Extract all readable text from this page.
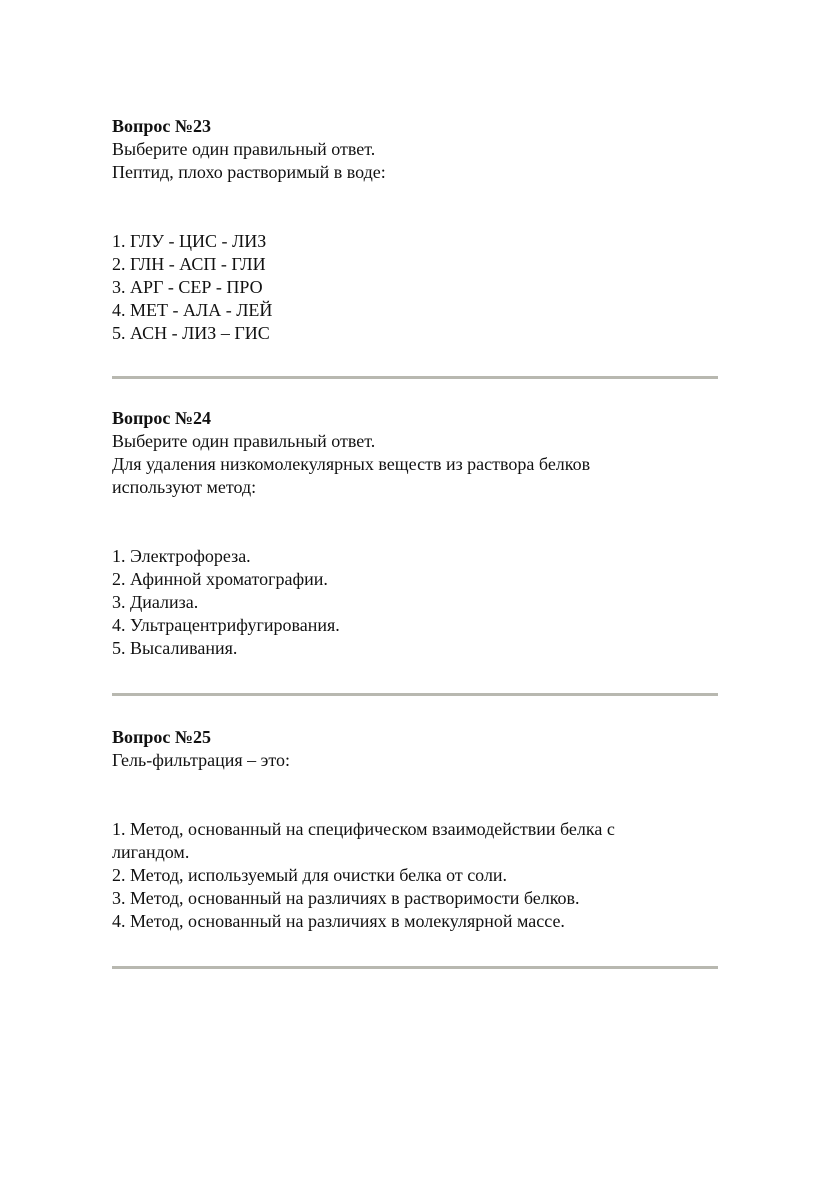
Вопрос №23
Выберите один правильный ответ.
Пептид, плохо растворимый в воде:
1. ГЛУ - ЦИС - ЛИЗ
2. ГЛН - АСП - ГЛИ
3. АРГ - СЕР - ПРО
4. МЕТ - АЛА - ЛЕЙ
5. АСН - ЛИЗ – ГИС
Вопрос №24
Выберите один правильный ответ.
Для удаления низкомолекулярных веществ из раствора белков
используют метод:
1. Электрофореза.
2. Афинной хроматографии.
3. Диализа.
4. Ультрацентрифугирования.
5. Высаливания.
Вопрос №25
Гель-фильтрация – это:
1. Метод, основанный на специфическом взаимодействии белка с
лигандом.
2. Метод, используемый для очистки белка от соли.
3. Метод, основанный на различиях в растворимости белков.
4. Метод, основанный на различиях в молекулярной массе.
